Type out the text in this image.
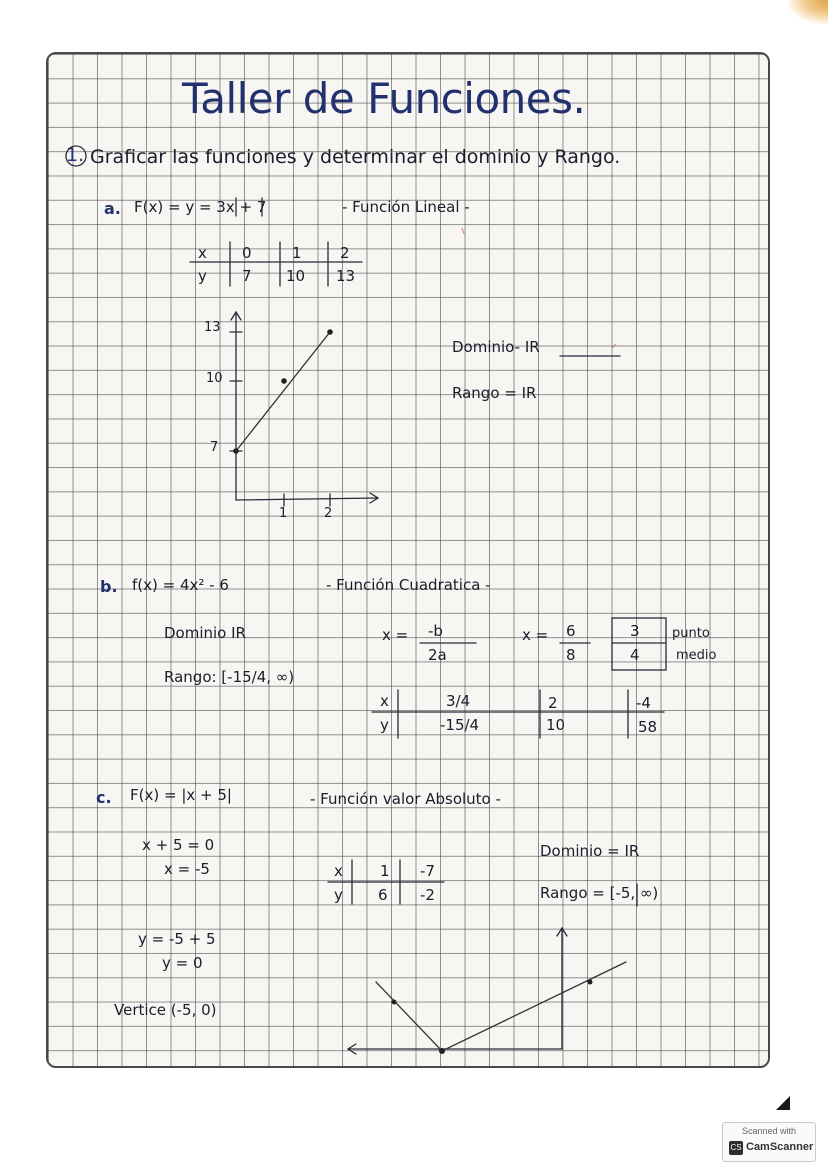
Taller de Funciones.
1. Graficar las funciones y determinar el dominio y Rango.
a. F(x) = y = 3x + 7	- Función Lineal -
x 0	1	2
y 7 10 13
13
10
7
1	2
Dominio- IR
Rango = IR
b. f(x) = 4x² - 6	- Función Cuadratica -
Dominio IR
Rango: [-15/4, ∞)
x = -b
2a
x = 6
8
3
4
punto
medio
x	3/4	2	-4
y	-15/4	10	58
c. F(x) = |x + 5|	- Función valor Absoluto -
x + 5 = 0
x = -5	x 1 -7
y 6 -2
Dominio = IR
Rango = [-5, ∞)
y = -5 + 5
y = 0
Vertice (-5, 0)
Scanned with
CS CamScanner
